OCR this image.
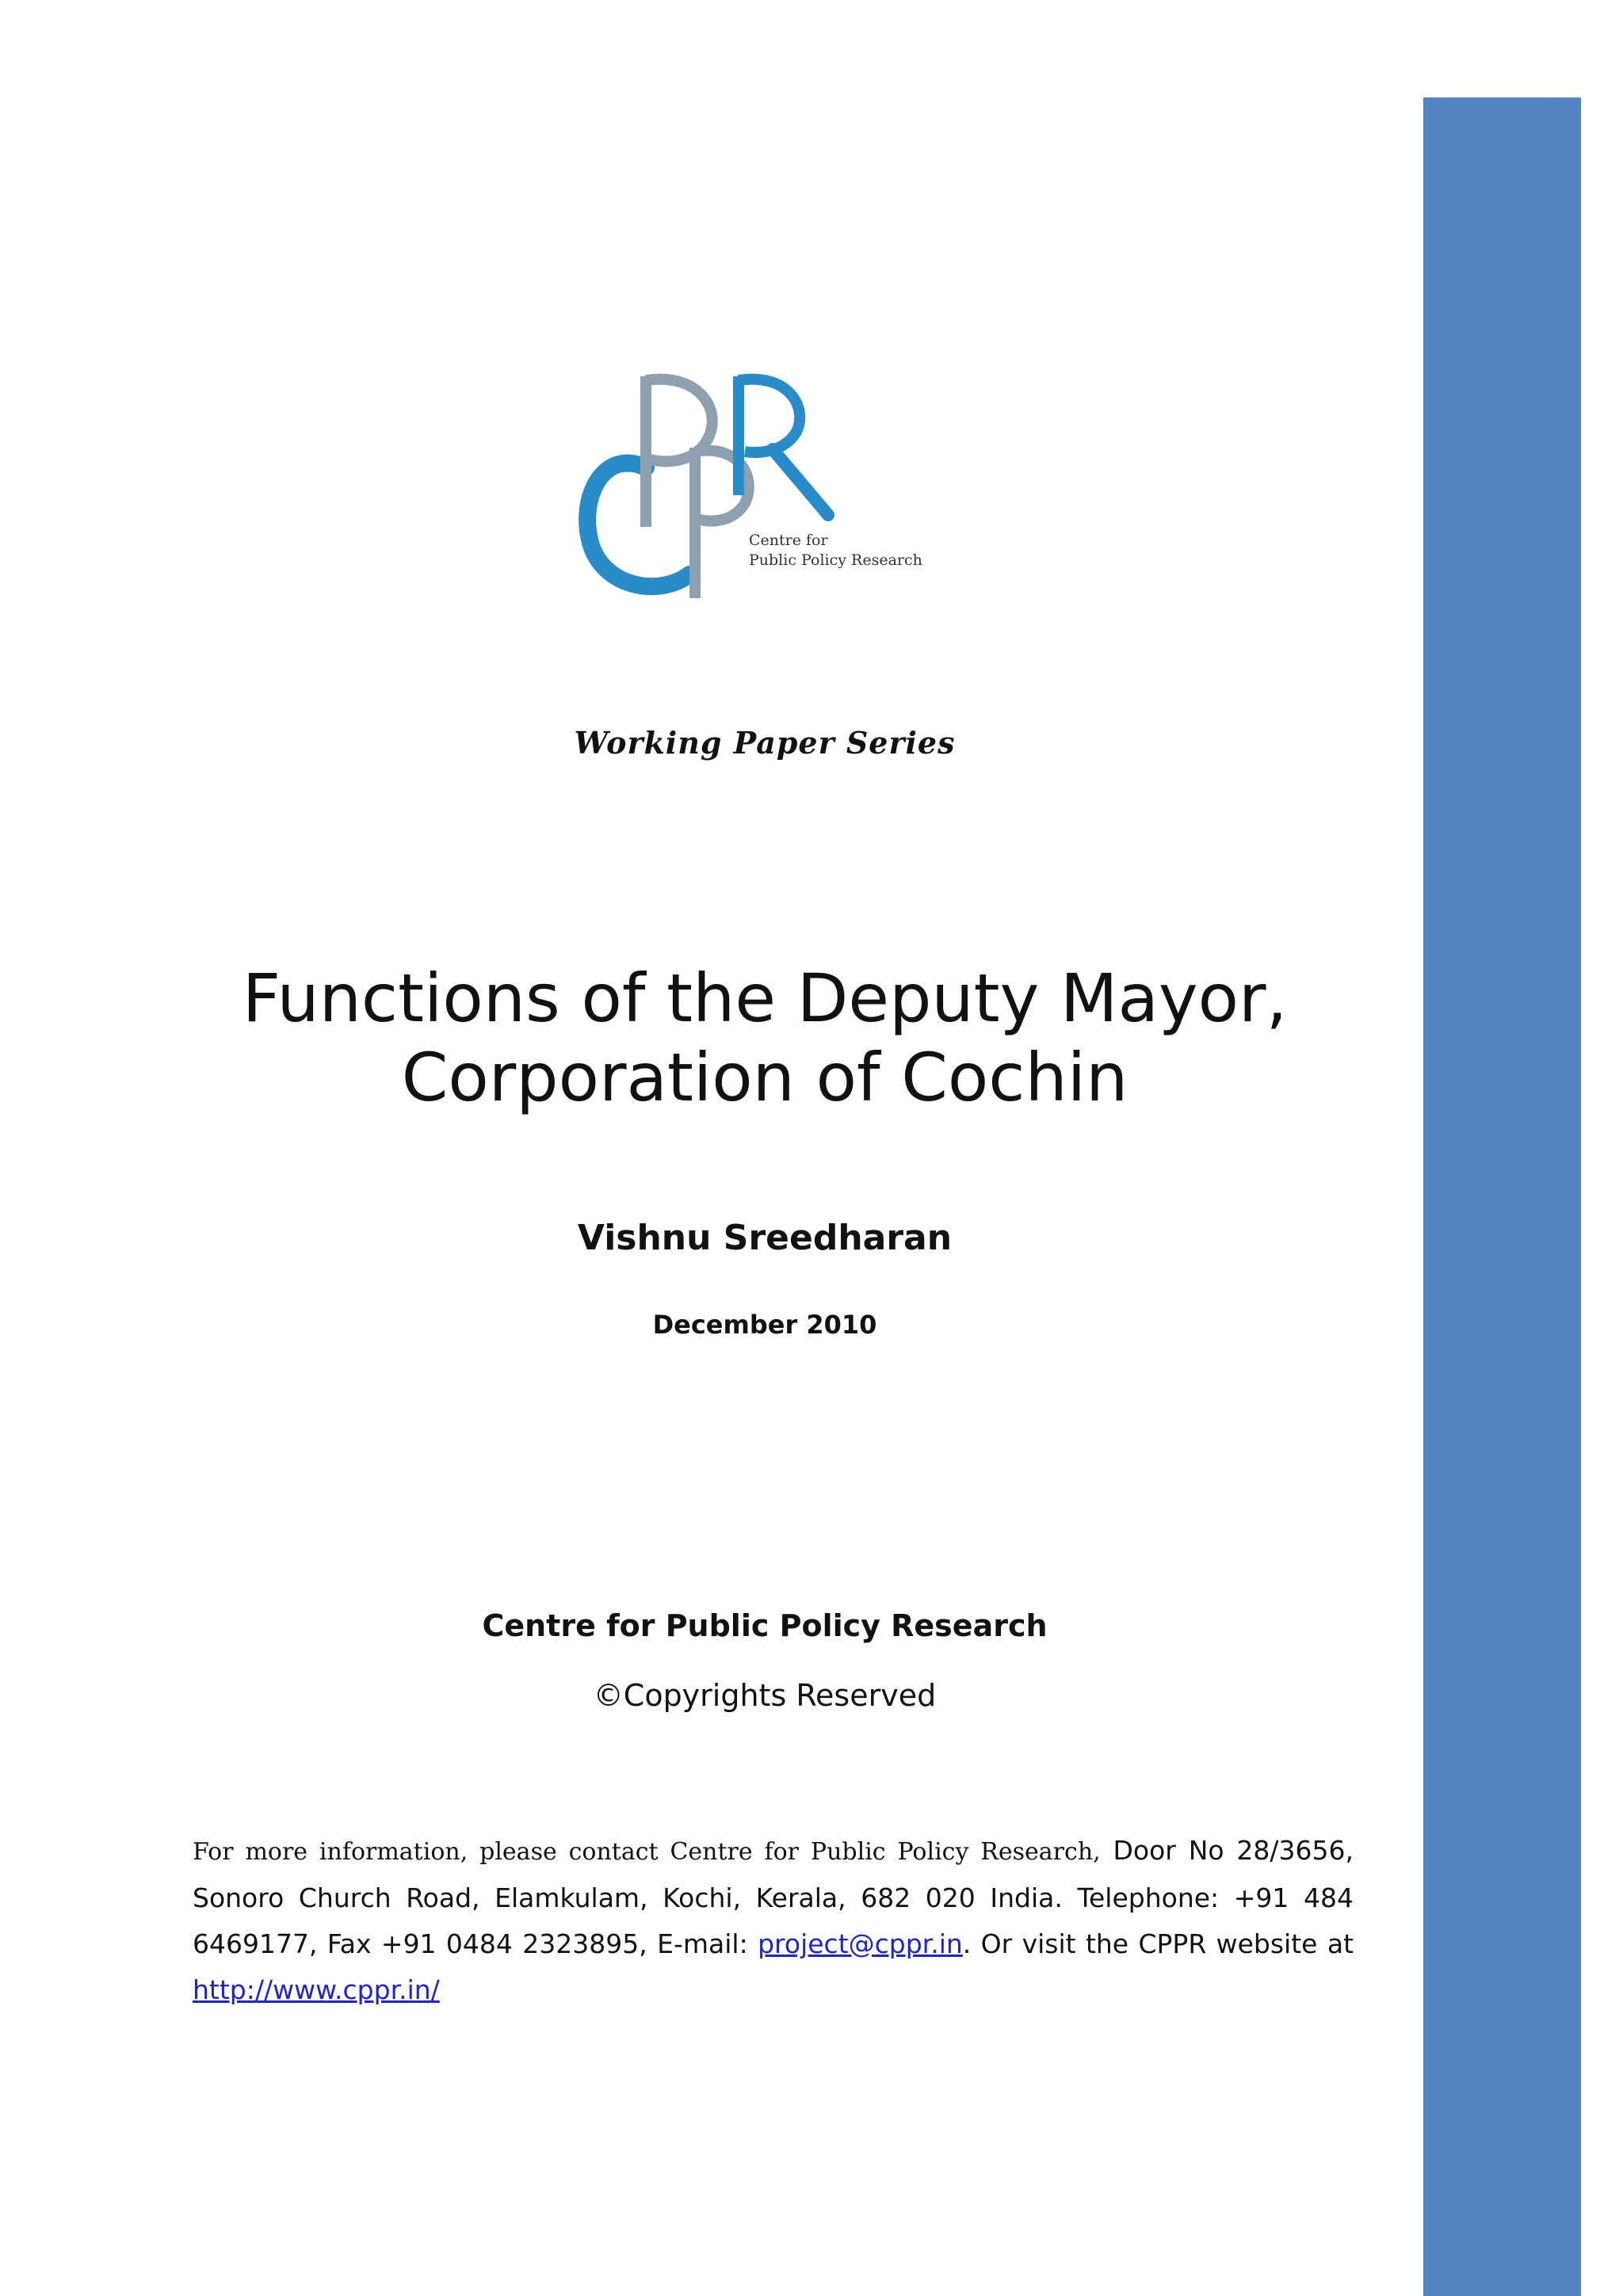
Centre for
Public Policy Research
Working Paper Series
Functions of the Deputy Mayor,
Corporation of Cochin
Vishnu Sreedharan
December 2010
Centre for Public Policy Research
©Copyrights Reserved
For more information, please contact Centre for Public Policy Research, Door No 28/3656, Sonoro Church Road, Elamkulam, Kochi, Kerala, 682 020 India. Telephone: +91 484 6469177, Fax +91 0484 2323895, E-mail: project@cppr.in. Or visit the CPPR website at http://www.cppr.in/
